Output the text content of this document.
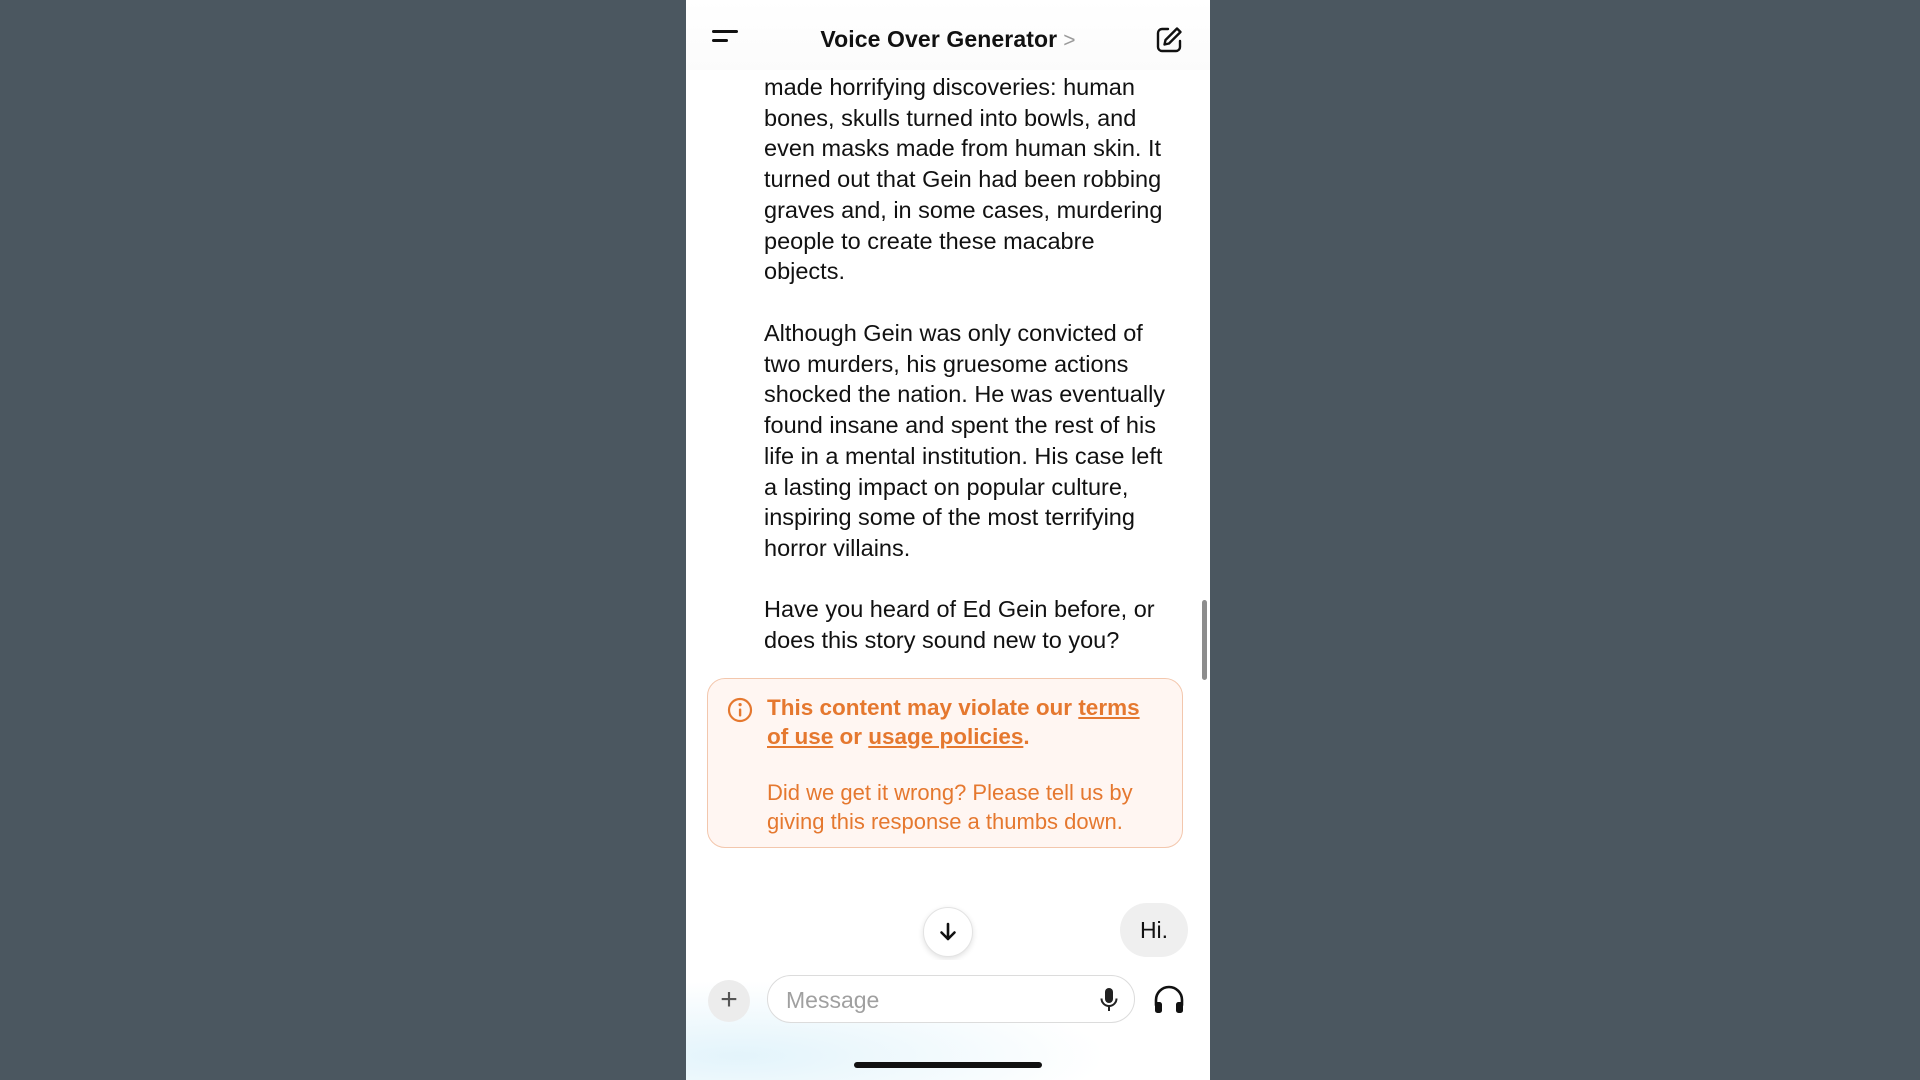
Voice Over Generator >

made horrifying discoveries: human bones, skulls turned into bowls, and even masks made from human skin. It turned out that Gein had been robbing graves and, in some cases, murdering people to create these macabre objects.

Although Gein was only convicted of two murders, his gruesome actions shocked the nation. He was eventually found insane and spent the rest of his life in a mental institution. His case left a lasting impact on popular culture, inspiring some of the most terrifying horror villains.

Have you heard of Ed Gein before, or does this story sound new to you?

This content may violate our terms of use or usage policies.
Did we get it wrong? Please tell us by giving this response a thumbs down.
Hi.
+
Message
